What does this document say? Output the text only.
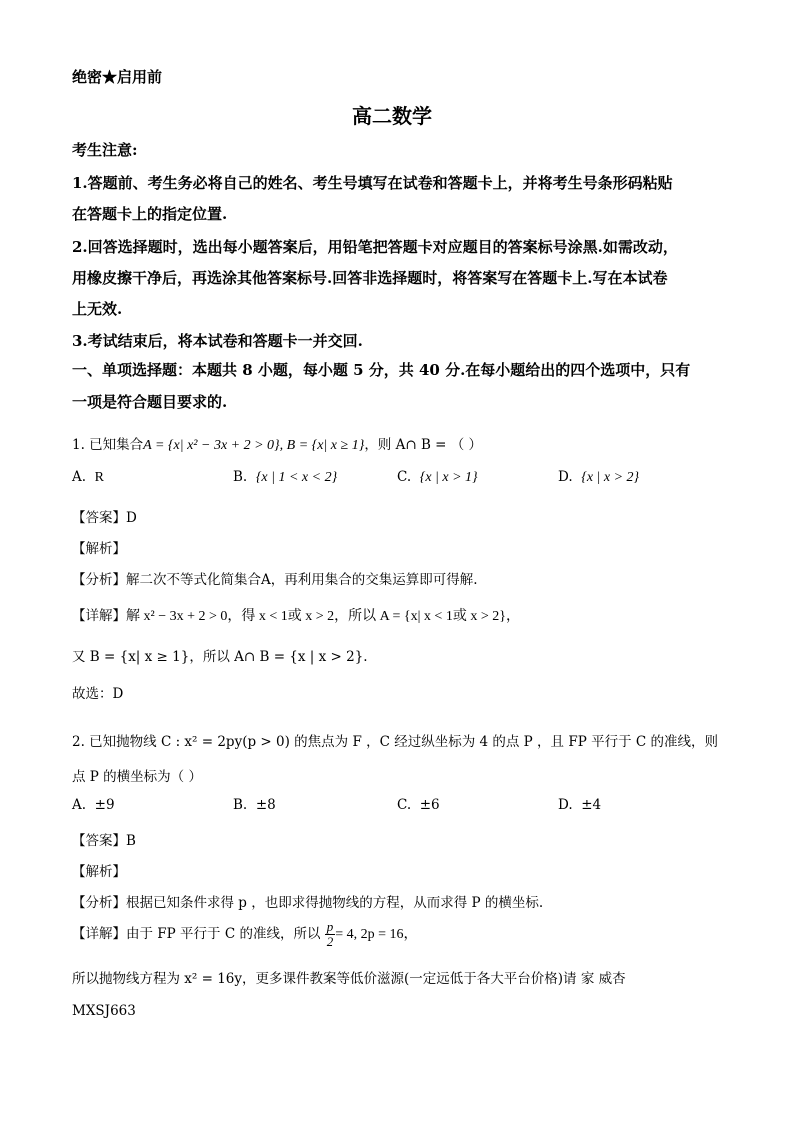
绝密★启用前
高二数学
考生注意:
1.答题前、考生务必将自己的姓名、考生号填写在试卷和答题卡上，并将考生号条形码粘贴
在答题卡上的指定位置.
2.回答选择题时，选出每小题答案后，用铅笔把答题卡对应题目的答案标号涂黑.如需改动，
用橡皮擦干净后，再选涂其他答案标号.回答非选择题时，将答案写在答题卡上.写在本试卷
上无效.
3.考试结束后，将本试卷和答题卡一并交回.
一、单项选择题：本题共 8 小题，每小题 5 分，共 40 分.在每小题给出的四个选项中，只有
一项是符合题目要求的.
1. 已知集合A = {x| x² − 3x + 2 > 0}, B = {x| x ≥ 1}，则 A∩ B = （ ）
A. R	B. {x | 1 < x < 2}	C. {x | x > 1}	D. {x | x > 2}
【答案】D
【解析】
【分析】解二次不等式化简集合A，再利用集合的交集运算即可得解.
【详解】解 x² − 3x + 2 > 0，得 x < 1或 x > 2，所以 A = {x| x < 1或 x > 2}，
又 B = {x| x ≥ 1}，所以 A∩ B = {x | x > 2}.
故选：D
2. 已知抛物线 C : x² = 2py(p > 0) 的焦点为 F ，C 经过纵坐标为 4 的点 P ，且 FP 平行于 C 的准线，则
点 P 的横坐标为（ ）
A. ±9	B. ±8	C. ±6	D. ±4
【答案】B
【解析】
【分析】根据已知条件求得 p ，也即求得抛物线的方程，从而求得 P 的横坐标.
【详解】由于 FP 平行于 C 的准线，所以 $\frac{p}{2} = 4$, 2p = 16，
所以抛物线方程为 x² = 16y，更多课件教案等低价滋源(一定远低于各大平台价格)请 家 威杏
MXSJ663
